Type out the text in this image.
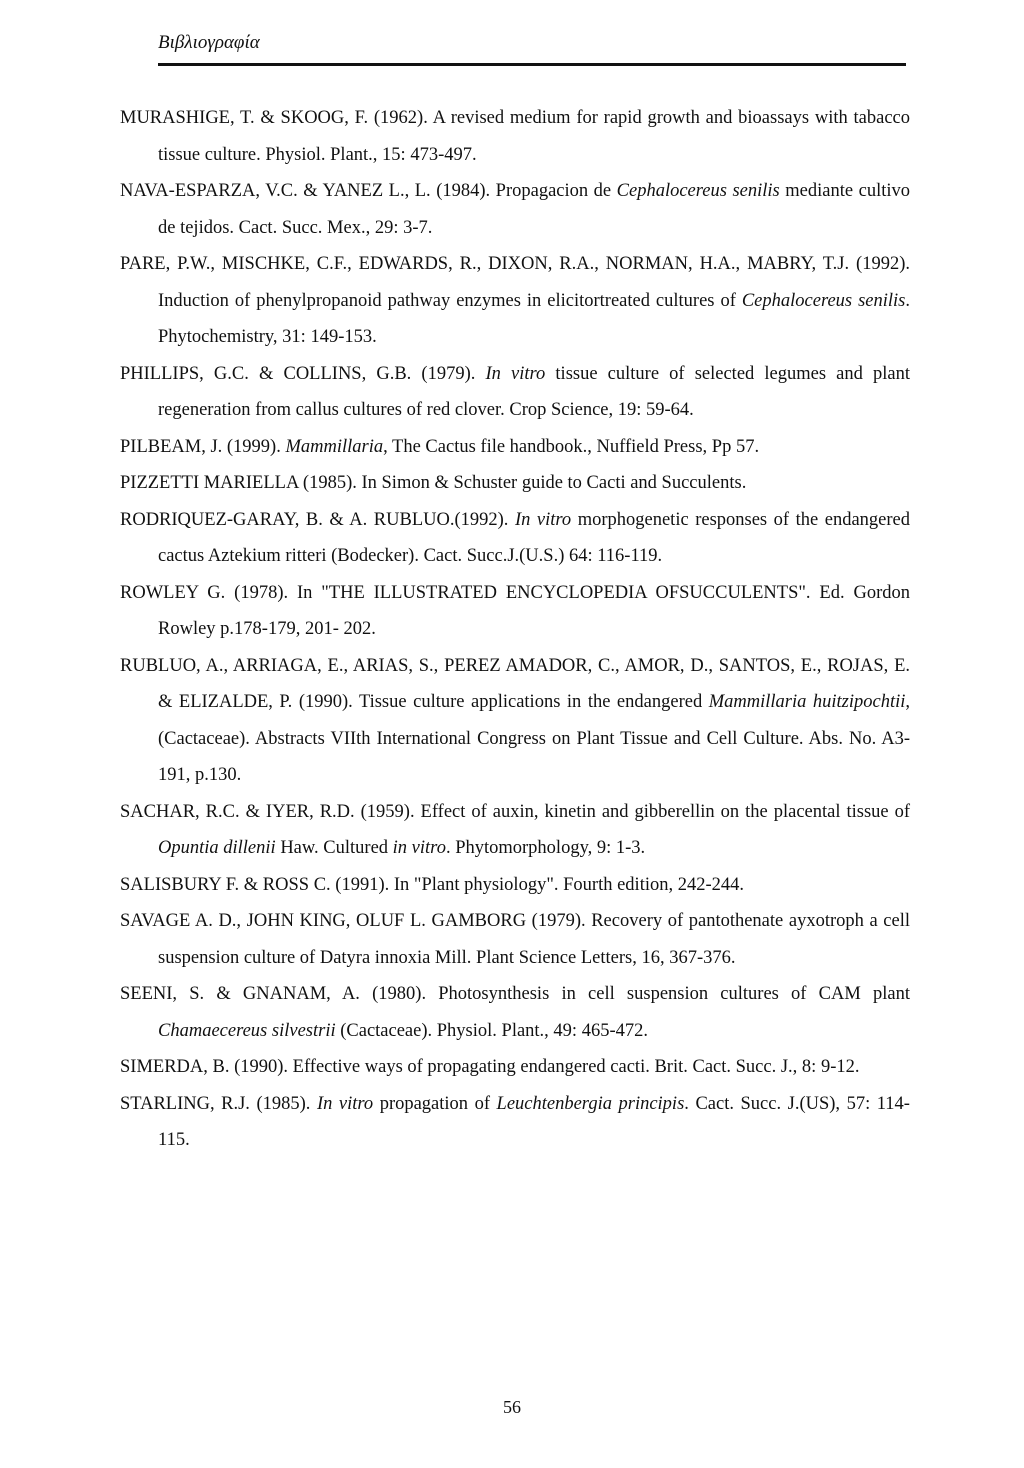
Βιβλιογραφία
MURASHIGE, T. & SKOOG, F. (1962). A revised medium for rapid growth and bioassays with tabacco tissue culture. Physiol. Plant., 15: 473-497.
NAVA-ESPARZA, V.C. & YANEZ L., L. (1984). Propagacion de Cephalocereus senilis mediante cultivo de tejidos. Cact. Succ. Mex., 29: 3-7.
PARE, P.W., MISCHKE, C.F., EDWARDS, R., DIXON, R.A., NORMAN, H.A., MABRY, T.J. (1992). Induction of phenylpropanoid pathway enzymes in elicitortreated cultures of Cephalocereus senilis. Phytochemistry, 31: 149-153.
PHILLIPS, G.C. & COLLINS, G.B. (1979). In vitro tissue culture of selected legumes and plant regeneration from callus cultures of red clover. Crop Science, 19: 59-64.
PILBEAM, J. (1999). Mammillaria, The Cactus file handbook., Nuffield Press, Pp 57.
PIZZETTI MARIELLA (1985). In Simon & Schuster guide to Cacti and Succulents.
RODRIQUEZ-GARAY, B. & A. RUBLUO.(1992). In vitro morphogenetic responses of the endangered cactus Aztekium ritteri (Bodecker). Cact. Succ.J.(U.S.) 64: 116-119.
ROWLEY G. (1978). In "THE ILLUSTRATED ENCYCLOPEDIA OFSUCCULENTS". Ed. Gordon Rowley p.178-179, 201- 202.
RUBLUO, A., ARRIAGA, E., ARIAS, S., PEREZ AMADOR, C., AMOR, D., SANTOS, E., ROJAS, E. & ELIZALDE, P. (1990). Tissue culture applications in the endangered Mammillaria huitzipochtii, (Cactaceae). Abstracts VIIth International Congress on Plant Tissue and Cell Culture. Abs. No. A3-191, p.130.
SACHAR, R.C. & IYER, R.D. (1959). Effect of auxin, kinetin and gibberellin on the placental tissue of Opuntia dillenii Haw. Cultured in vitro. Phytomorphology, 9: 1-3.
SALISBURY F. & ROSS C. (1991). In "Plant physiology". Fourth edition, 242-244.
SAVAGE A. D., JOHN KING, OLUF L. GAMBORG (1979). Recovery of pantothenate ayxotroph a cell suspension culture of Datyra innoxia Mill. Plant Science Letters, 16, 367-376.
SEENI, S. & GNANAM, A. (1980). Photosynthesis in cell suspension cultures of CAM plant Chamaecereus silvestrii (Cactaceae). Physiol. Plant., 49: 465-472.
SIMERDA, B. (1990). Effective ways of propagating endangered cacti. Brit. Cact. Succ. J., 8: 9-12.
STARLING, R.J. (1985). In vitro propagation of Leuchtenbergia principis. Cact. Succ. J.(US), 57: 114-115.
56
